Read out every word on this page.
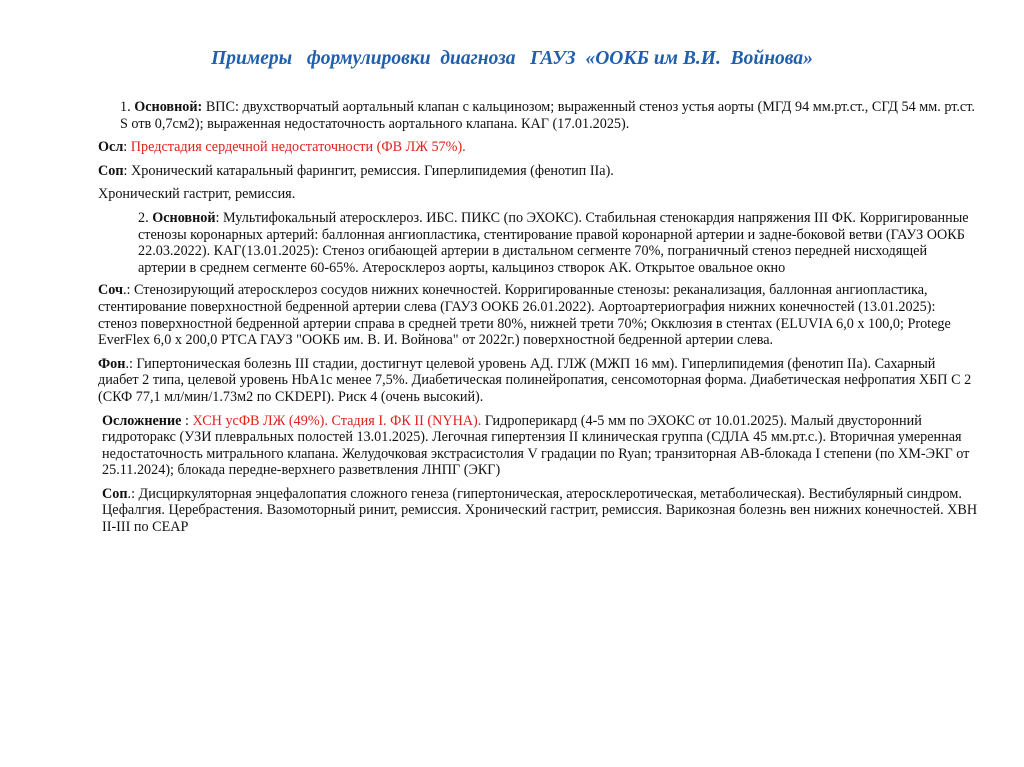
Примеры   формулировки  диагноза   ГАУЗ  «ООКБ им В.И.  Войнова»

1. Основной: ВПС: двухстворчатый аортальный клапан с кальцинозом; выраженный стеноз устья аорты (МГД 94 мм.рт.ст., СГД 54 мм. рт.ст. S отв 0,7см2); выраженная недостаточность аортального клапана. КАГ (17.01.2025).

Осл: Предстадия сердечной недостаточности (ФВ ЛЖ 57%).

Соп: Хронический катаральный фарингит, ремиссия. Гиперлипидемия (фенотип IIа).

Хронический гастрит, ремиссия.

2. Основной: Мультифокальный атеросклероз. ИБС. ПИКС (по ЭХОКС). Стабильная стенокардия напряжения III ФК. Корригированные стенозы коронарных артерий: баллонная ангиопластика, стентирование правой коронарной артерии и задне-боковой ветви (ГАУЗ ООКБ 22.03.2022). КАГ(13.01.2025): Стеноз огибающей артерии в дистальном сегменте 70%, пограничный стеноз передней нисходящей артерии в среднем сегменте 60-65%. Атеросклероз аорты, кальциноз створок АК. Открытое овальное окно

Соч.: Стенозирующий атеросклероз сосудов нижних конечностей. Корригированные стенозы: реканализация, баллонная ангиопластика, стентирование поверхностной бедренной артерии слева (ГАУЗ ООКБ 26.01.2022). Аортоартериография нижних конечностей (13.01.2025): стеноз поверхностной бедренной артерии справа в средней трети 80%, нижней трети 70%; Окклюзия в стентах (ELUVIA 6,0 х 100,0; Protege EverFlex 6,0 х 200,0 PTCA ГАУЗ "ООКБ им. В. И. Войнова" от 2022г.) поверхностной бедренной артерии слева.

Фон.: Гипертоническая болезнь III стадии, достигнут целевой уровень АД. ГЛЖ (МЖП 16 мм). Гиперлипидемия (фенотип IIа). Сахарный диабет 2 типа, целевой уровень HbA1c менее 7,5%. Диабетическая полинейропатия, сенсомоторная форма. Диабетическая нефропатия ХБП С 2 (СКФ 77,1 мл/мин/1.73м2 по CKDEPI). Риск 4 (очень высокий).

Осложнение : ХСН усФВ ЛЖ (49%). Стадия I. ФК II (NYHA). Гидроперикард (4-5 мм по ЭХОКС от 10.01.2025). Малый двусторонний гидроторакс (УЗИ плевральных полостей 13.01.2025). Легочная гипертензия II клиническая группа (СДЛА 45 мм.рт.с.). Вторичная умеренная недостаточность митрального клапана. Желудочковая экстрасистолия V градации по Ryan; транзиторная АВ-блокада I степени (по ХМ-ЭКГ от 25.11.2024); блокада передне-верхнего разветвления ЛНПГ (ЭКГ)

Соп.: Дисциркуляторная энцефалопатия сложного генеза (гипертоническая, атеросклеротическая, метаболическая). Вестибулярный синдром. Цефалгия. Церебрастения. Вазомоторный ринит, ремиссия. Хронический гастрит, ремиссия. Варикозная болезнь вен нижних конечностей. ХВН II-III по CEAP
